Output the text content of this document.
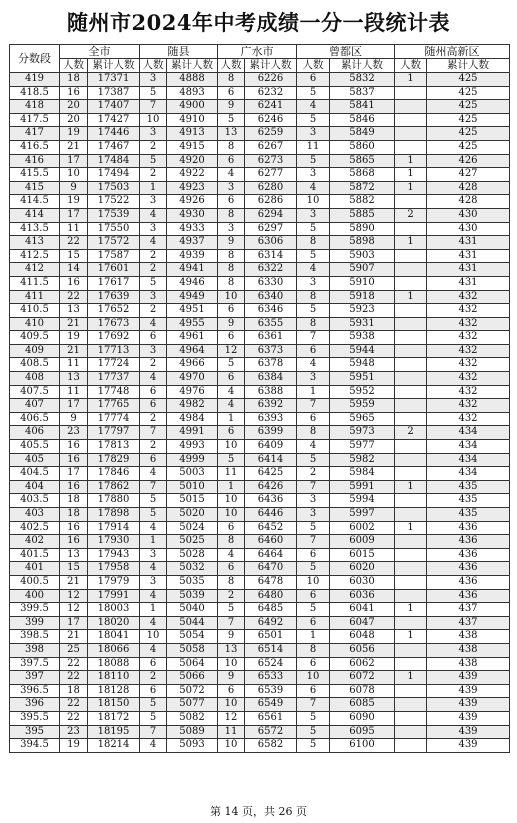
随州市2024年中考成绩一分一段统计表
分数段	全市		随县		广水市		曾都区		随州高新区	
	人数	累计人数	人数	累计人数	人数	累计人数	人数	累计人数	人数	累计人数
419	18	17371	3	4888	8	6226	6	5832	1	425
418.5	16	17387	5	4893	6	6232	5	5837		425
418	20	17407	7	4900	9	6241	4	5841		425
417.5	20	17427	10	4910	5	6246	5	5846		425
417	19	17446	3	4913	13	6259	3	5849		425
416.5	21	17467	2	4915	8	6267	11	5860		425
416	17	17484	5	4920	6	6273	5	5865	1	426
415.5	10	17494	2	4922	4	6277	3	5868	1	427
415	9	17503	1	4923	3	6280	4	5872	1	428
414.5	19	17522	3	4926	6	6286	10	5882		428
414	17	17539	4	4930	8	6294	3	5885	2	430
413.5	11	17550	3	4933	3	6297	5	5890		430
413	22	17572	4	4937	9	6306	8	5898	1	431
412.5	15	17587	2	4939	8	6314	5	5903		431
412	14	17601	2	4941	8	6322	4	5907		431
411.5	16	17617	5	4946	8	6330	3	5910		431
411	22	17639	3	4949	10	6340	8	5918	1	432
410.5	13	17652	2	4951	6	6346	5	5923		432
410	21	17673	4	4955	9	6355	8	5931		432
409.5	19	17692	6	4961	6	6361	7	5938		432
409	21	17713	3	4964	12	6373	6	5944		432
408.5	11	17724	2	4966	5	6378	4	5948		432
408	13	17737	4	4970	6	6384	3	5951		432
407.5	11	17748	6	4976	4	6388	1	5952		432
407	17	17765	6	4982	4	6392	7	5959		432
406.5	9	17774	2	4984	1	6393	6	5965		432
406	23	17797	7	4991	6	6399	8	5973	2	434
405.5	16	17813	2	4993	10	6409	4	5977		434
405	16	17829	6	4999	5	6414	5	5982		434
404.5	17	17846	4	5003	11	6425	2	5984		434
404	16	17862	7	5010	1	6426	7	5991	1	435
403.5	18	17880	5	5015	10	6436	3	5994		435
403	18	17898	5	5020	10	6446	3	5997		435
402.5	16	17914	4	5024	6	6452	5	6002	1	436
402	16	17930	1	5025	8	6460	7	6009		436
401.5	13	17943	3	5028	4	6464	6	6015		436
401	15	17958	4	5032	6	6470	5	6020		436
400.5	21	17979	3	5035	8	6478	10	6030		436
400	12	17991	4	5039	2	6480	6	6036		436
399.5	12	18003	1	5040	5	6485	5	6041	1	437
399	17	18020	4	5044	7	6492	6	6047		437
398.5	21	18041	10	5054	9	6501	1	6048	1	438
398	25	18066	4	5058	13	6514	8	6056		438
397.5	22	18088	6	5064	10	6524	6	6062		438
397	22	18110	2	5066	9	6533	10	6072	1	439
396.5	18	18128	6	5072	6	6539	6	6078		439
396	22	18150	5	5077	10	6549	7	6085		439
395.5	22	18172	5	5082	12	6561	5	6090		439
395	23	18195	7	5089	11	6572	5	6095		439
394.5	19	18214	4	5093	10	6582	5	6100		439
第 14 页，共 26 页
